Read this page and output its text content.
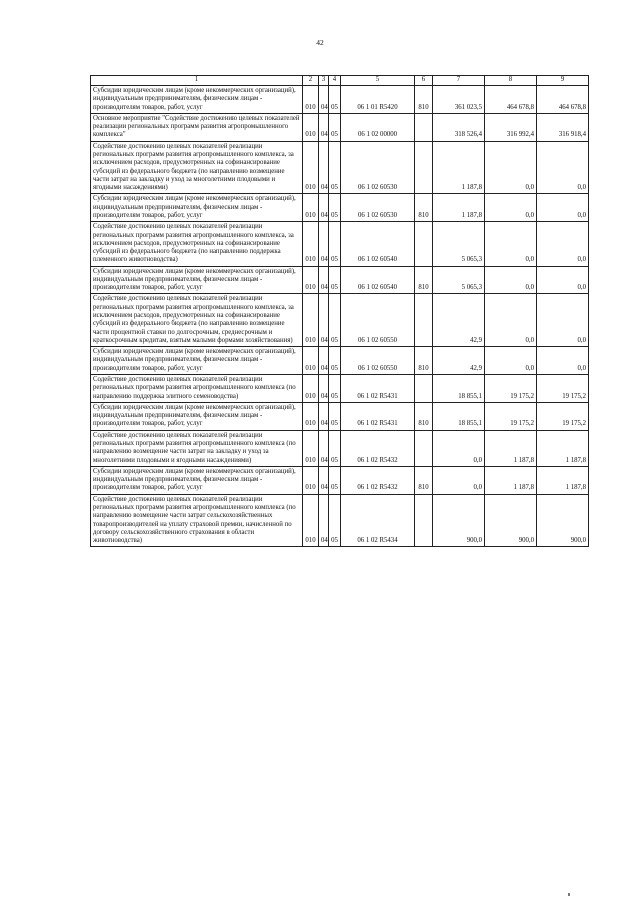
42
1	2	3	4	5	6	7	8	9
Субсидии юридическим лицам (кроме некоммерческих организаций), индивидуальным предпринимателям, физическим лицам - производителям товаров, работ, услуг	010	04	05	06 1 01 R5420	810	361 023,5	464 678,8	464 678,8
Основное мероприятие "Содействие достижению целевых показателей реализации региональных программ развития агропромышленного комплекса"	010	04	05	06 1 02 00000		318 526,4	316 992,4	316 918,4
Содействие достижению целевых показателей реализации региональных программ развития агропромышленного комплекса, за исключением расходов, предусмотренных на софинансирование субсидий из федерального бюджета (по направлению возмещение части затрат на закладку и уход за многолетними плодовыми и ягодными насаждениями)	010	04	05	06 1 02 60530		1 187,8	0,0	0,0
Субсидии юридическим лицам (кроме некоммерческих организаций), индивидуальным предпринимателям, физическим лицам - производителям товаров, работ, услуг	010	04	05	06 1 02 60530	810	1 187,8	0,0	0,0
Содействие достижению целевых показателей реализации региональных программ развития агропромышленного комплекса, за исключением расходов, предусмотренных на софинансирование субсидий из федерального бюджета (по направлению поддержка племенного животноводства)	010	04	05	06 1 02 60540		5 065,3	0,0	0,0
Субсидии юридическим лицам (кроме некоммерческих организаций), индивидуальным предпринимателям, физическим лицам - производителям товаров, работ, услуг	010	04	05	06 1 02 60540	810	5 065,3	0,0	0,0
Содействие достижению целевых показателей реализации региональных программ развития агропромышленного комплекса, за исключением расходов, предусмотренных на софинансирование субсидий из федерального бюджета (по направлению возмещение части процентной ставки по долгосрочным, среднесрочным и краткосрочным кредитам, взятым малыми формами хозяйствования)	010	04	05	06 1 02 60550		42,9	0,0	0,0
Субсидии юридическим лицам (кроме некоммерческих организаций), индивидуальным предпринимателям, физическим лицам - производителям товаров, работ, услуг	010	04	05	06 1 02 60550	810	42,9	0,0	0,0
Содействие достижению целевых показателей реализации региональных программ развития агропромышленного комплекса (по направлению поддержка элитного семеноводства)	010	04	05	06 1 02 R5431		18 855,1	19 175,2	19 175,2
Субсидии юридическим лицам (кроме некоммерческих организаций), индивидуальным предпринимателям, физическим лицам - производителям товаров, работ, услуг	010	04	05	06 1 02 R5431	810	18 855,1	19 175,2	19 175,2
Содействие достижению целевых показателей реализации региональных программ развития агропромышленного комплекса (по направлению возмещение части затрат на закладку и уход за многолетними плодовыми и ягодными насаждениями)	010	04	05	06 1 02 R5432		0,0	1 187,8	1 187,8
Субсидии юридическим лицам (кроме некоммерческих организаций), индивидуальным предпринимателям, физическим лицам - производителям товаров, работ, услуг	010	04	05	06 1 02 R5432	810	0,0	1 187,8	1 187,8
Содействие достижению целевых показателей реализации региональных программ развития агропромышленного комплекса (по направлению возмещение части затрат сельскохозяйственных товаропроизводителей на уплату страховой премии, начисленной по договору сельскохозяйственного страхования в области животноводства)	010	04	05	06 1 02 R5434		900,0	900,0	900,0
